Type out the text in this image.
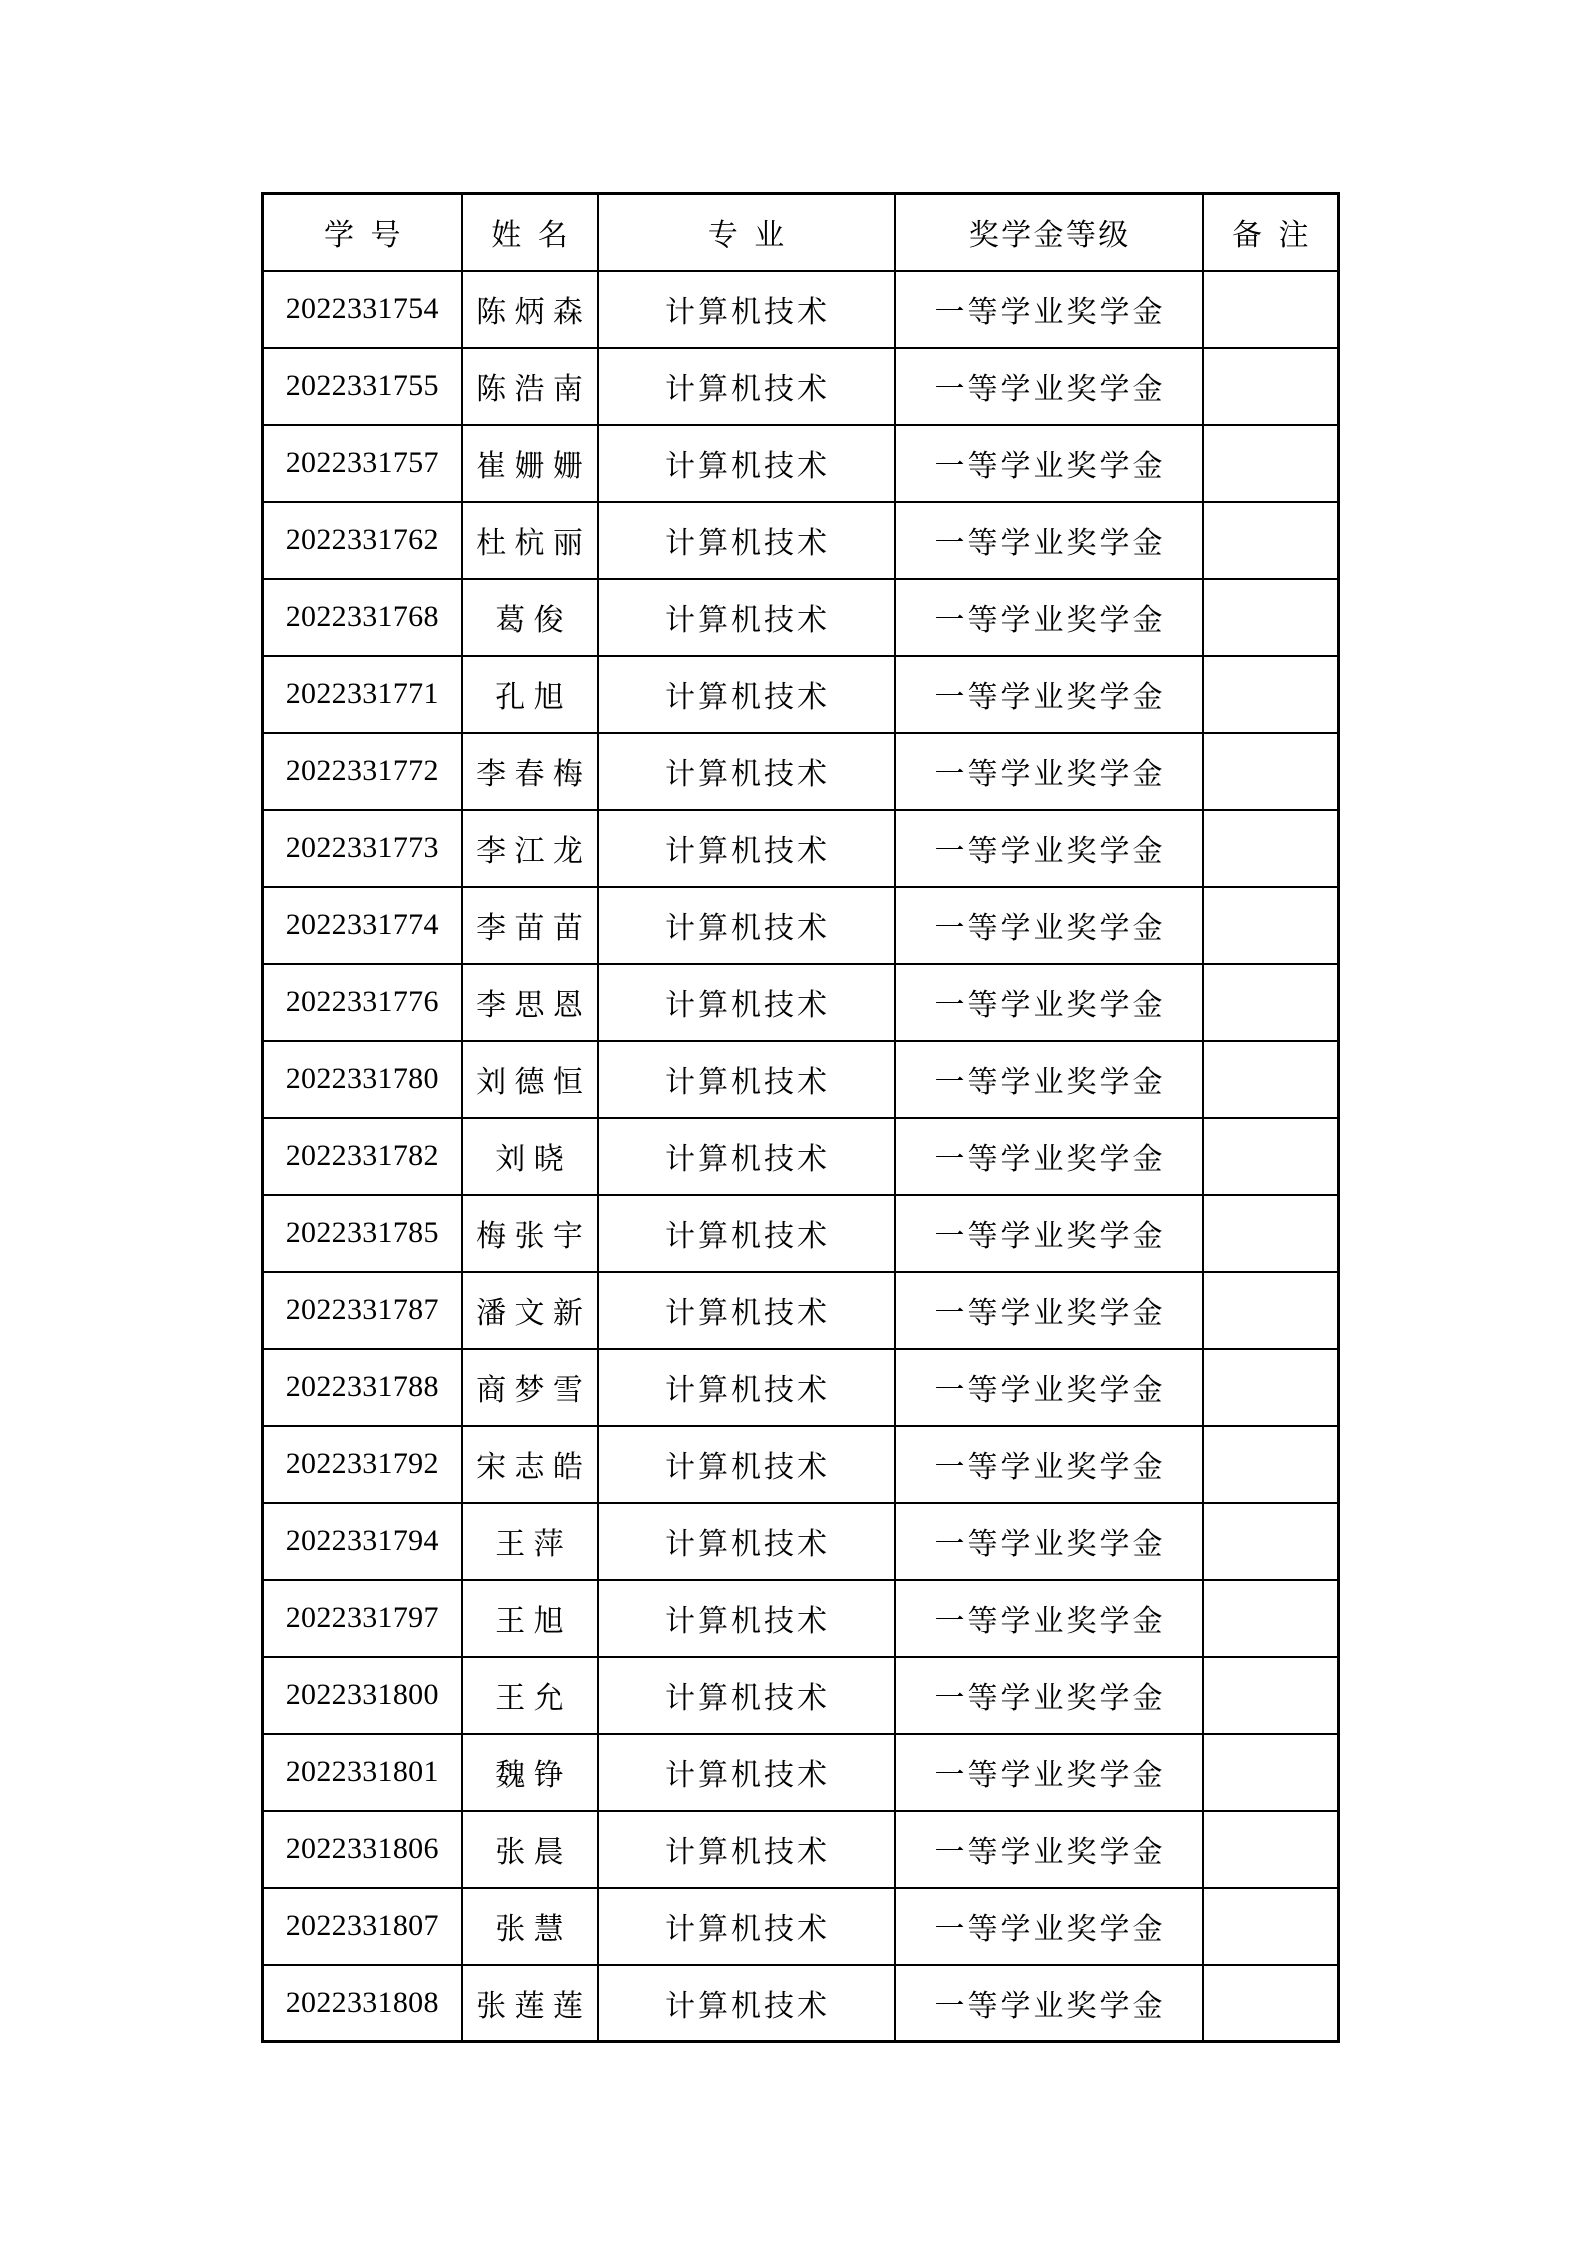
学号	姓名	专业	奖学金等级	备注
2022331754	陈炳森	计算机技术	一等学业奖学金	
2022331755	陈浩南	计算机技术	一等学业奖学金	
2022331757	崔姗姗	计算机技术	一等学业奖学金	
2022331762	杜杭丽	计算机技术	一等学业奖学金	
2022331768	葛俊	计算机技术	一等学业奖学金	
2022331771	孔旭	计算机技术	一等学业奖学金	
2022331772	李春梅	计算机技术	一等学业奖学金	
2022331773	李江龙	计算机技术	一等学业奖学金	
2022331774	李苗苗	计算机技术	一等学业奖学金	
2022331776	李思恩	计算机技术	一等学业奖学金	
2022331780	刘德恒	计算机技术	一等学业奖学金	
2022331782	刘晓	计算机技术	一等学业奖学金	
2022331785	梅张宇	计算机技术	一等学业奖学金	
2022331787	潘文新	计算机技术	一等学业奖学金	
2022331788	商梦雪	计算机技术	一等学业奖学金	
2022331792	宋志皓	计算机技术	一等学业奖学金	
2022331794	王萍	计算机技术	一等学业奖学金	
2022331797	王旭	计算机技术	一等学业奖学金	
2022331800	王允	计算机技术	一等学业奖学金	
2022331801	魏铮	计算机技术	一等学业奖学金	
2022331806	张晨	计算机技术	一等学业奖学金	
2022331807	张慧	计算机技术	一等学业奖学金	
2022331808	张莲莲	计算机技术	一等学业奖学金	
